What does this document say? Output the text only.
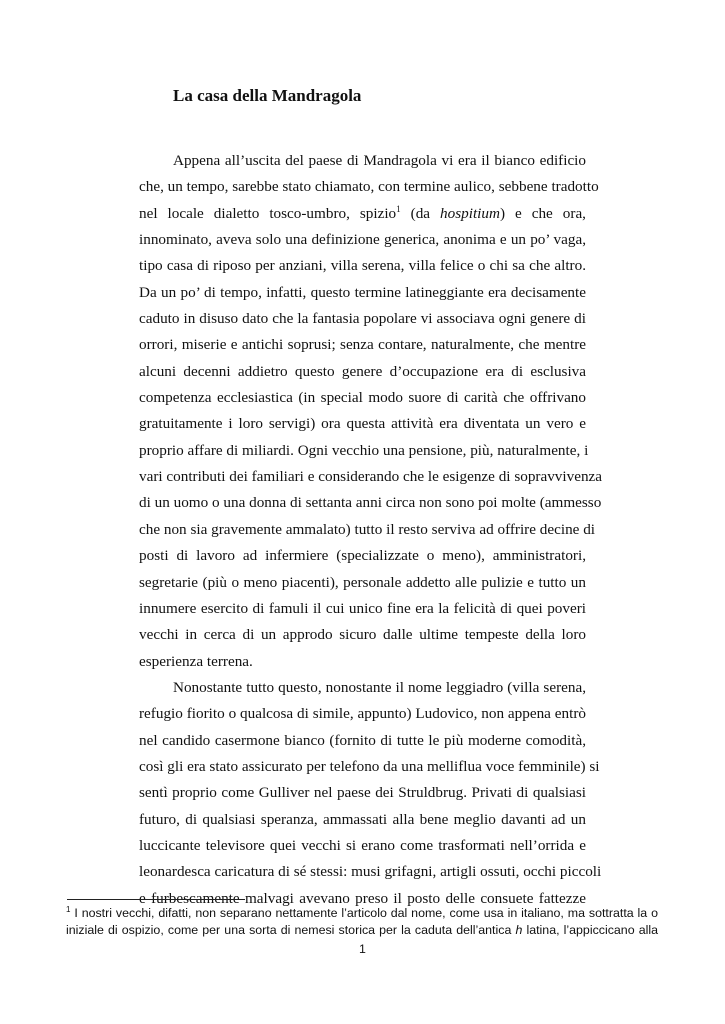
La casa della Mandragola
Appena all’uscita del paese di Mandragola vi era il bianco edificio
che, un tempo, sarebbe stato chiamato, con termine aulico, sebbene tradotto
nel locale dialetto tosco-umbro, spizio$^1$ (da hospitium) e che ora,
innominato, aveva solo una definizione generica, anonima e un po’ vaga,
tipo casa di riposo per anziani, villa serena, villa felice o chi sa che altro.
Da un po’ di tempo, infatti, questo termine latineggiante era decisamente
caduto in disuso dato che la fantasia popolare vi associava ogni genere di
orrori, miserie e antichi soprusi; senza contare, naturalmente, che mentre
alcuni decenni addietro questo genere d’occupazione era di esclusiva
competenza ecclesiastica (in special modo suore di carità che offrivano
gratuitamente i loro servigi) ora questa attività era diventata un vero e
proprio affare di miliardi. Ogni vecchio una pensione, più, naturalmente, i
vari contributi dei familiari e considerando che le esigenze di sopravvivenza
di un uomo o una donna di settanta anni circa non sono poi molte (ammesso
che non sia gravemente ammalato) tutto il resto serviva ad offrire decine di
posti di lavoro ad infermiere (specializzate o meno), amministratori,
segretarie (più o meno piacenti), personale addetto alle pulizie e tutto un
innumere esercito di famuli il cui unico fine era la felicità di quei poveri
vecchi in cerca di un approdo sicuro dalle ultime tempeste della loro
esperienza terrena.
Nonostante tutto questo, nonostante il nome leggiadro (villa serena,
refugio fiorito o qualcosa di simile, appunto) Ludovico, non appena entrò
nel candido casermone bianco (fornito di tutte le più moderne comodità,
così gli era stato assicurato per telefono da una melliflua voce femminile) si
sentì proprio come Gulliver nel paese dei Struldbrug. Privati di qualsiasi
futuro, di qualsiasi speranza, ammassati alla bene meglio davanti ad un
luccicante televisore quei vecchi si erano come trasformati nell’orrida e
leonardesca caricatura di sé stessi: musi grifagni, artigli ossuti, occhi piccoli
e furbescamente malvagi avevano preso il posto delle consuete fattezze
$^1$ I nostri vecchi, difatti, non separano nettamente l’articolo dal nome, come usa in italiano, ma sottratta la o
iniziale di ospizio, come per una sorta di nemesi storica per la caduta dell’antica h latina, l’appiccicano alla
1
